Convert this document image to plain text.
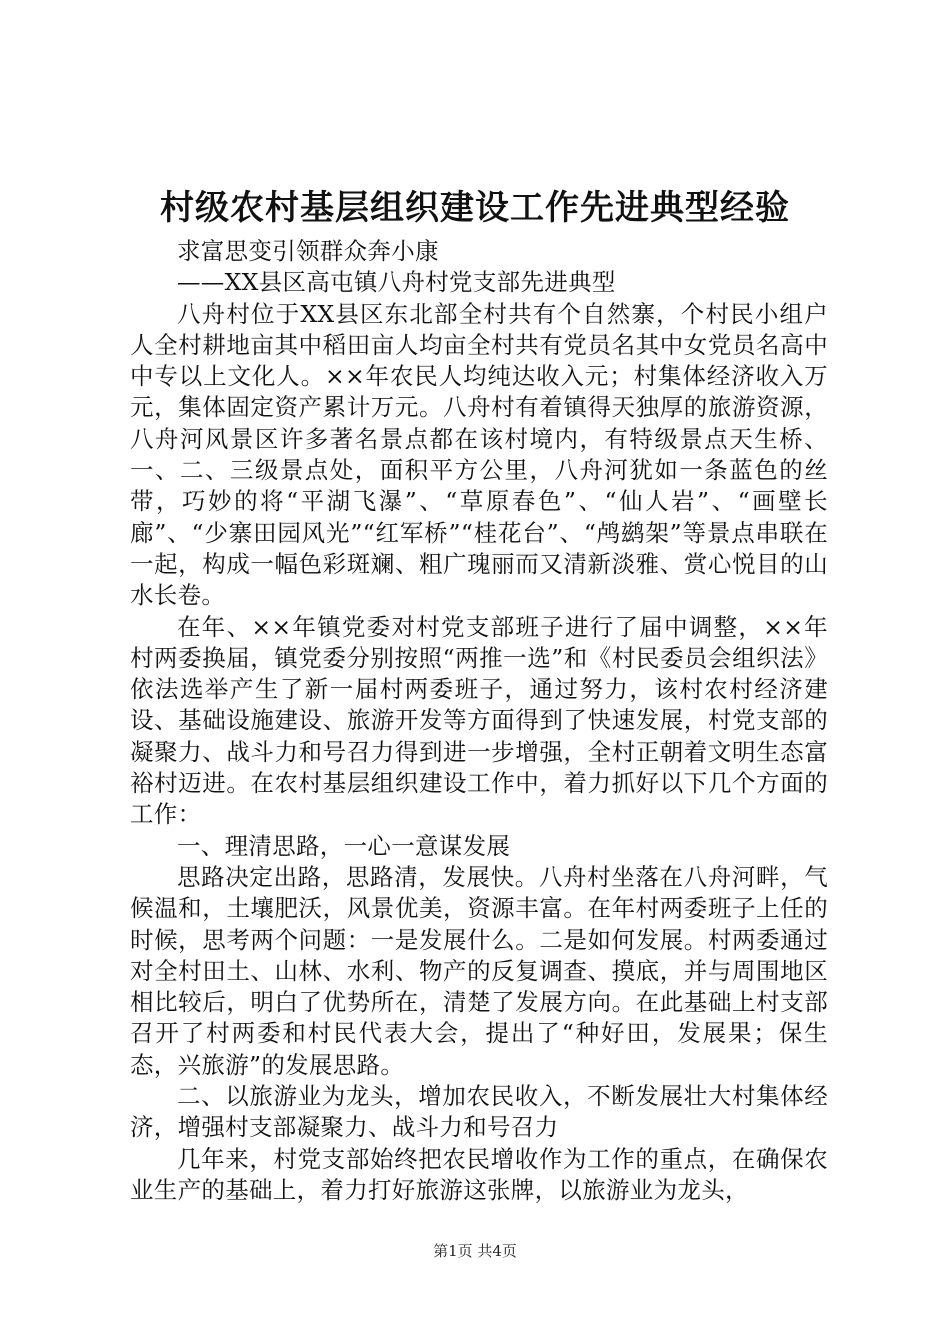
村级农村基层组织建设工作先进典型经验

求富思变引领群众奔小康

——XX县区高屯镇八舟村党支部先进典型

八舟村位于XX县区东北部全村共有个自然寨，个村民小组户人全村耕地亩其中稻田亩人均亩全村共有党员名其中女党员名高中中专以上文化人。××年农民人均纯达收入元；村集体经济收入万元，集体固定资产累计万元。八舟村有着镇得天独厚的旅游资源，八舟河风景区许多著名景点都在该村境内，有特级景点天生桥、一、二、三级景点处，面积平方公里，八舟河犹如一条蓝色的丝带，巧妙的将“平湖飞瀑”、“草原春色”、“仙人岩”、“画壁长廊”、“少寨田园风光”“红军桥”“桂花台”、“鸬鹚架”等景点串联在一起，构成一幅色彩斑斓、粗广瑰丽而又清新淡雅、赏心悦目的山水长卷。

在年、××年镇党委对村党支部班子进行了届中调整，××年村两委换届，镇党委分别按照“两推一选”和《村民委员会组织法》依法选举产生了新一届村两委班子，通过努力，该村农村经济建设、基础设施建设、旅游开发等方面得到了快速发展，村党支部的凝聚力、战斗力和号召力得到进一步增强，全村正朝着文明生态富裕村迈进。在农村基层组织建设工作中，着力抓好以下几个方面的工作：

一、理清思路，一心一意谋发展

思路决定出路，思路清，发展快。八舟村坐落在八舟河畔，气候温和，土壤肥沃，风景优美，资源丰富。在年村两委班子上任的时候，思考两个问题：一是发展什么。二是如何发展。村两委通过对全村田土、山林、水利、物产的反复调查、摸底，并与周围地区相比较后，明白了优势所在，清楚了发展方向。在此基础上村支部召开了村两委和村民代表大会，提出了“种好田，发展果；保生态，兴旅游”的发展思路。

二、以旅游业为龙头，增加农民收入，不断发展壮大村集体经济，增强村支部凝聚力、战斗力和号召力

几年来，村党支部始终把农民增收作为工作的重点，在确保农业生产的基础上，着力打好旅游这张牌，以旅游业为龙头，

第1页 共4页
